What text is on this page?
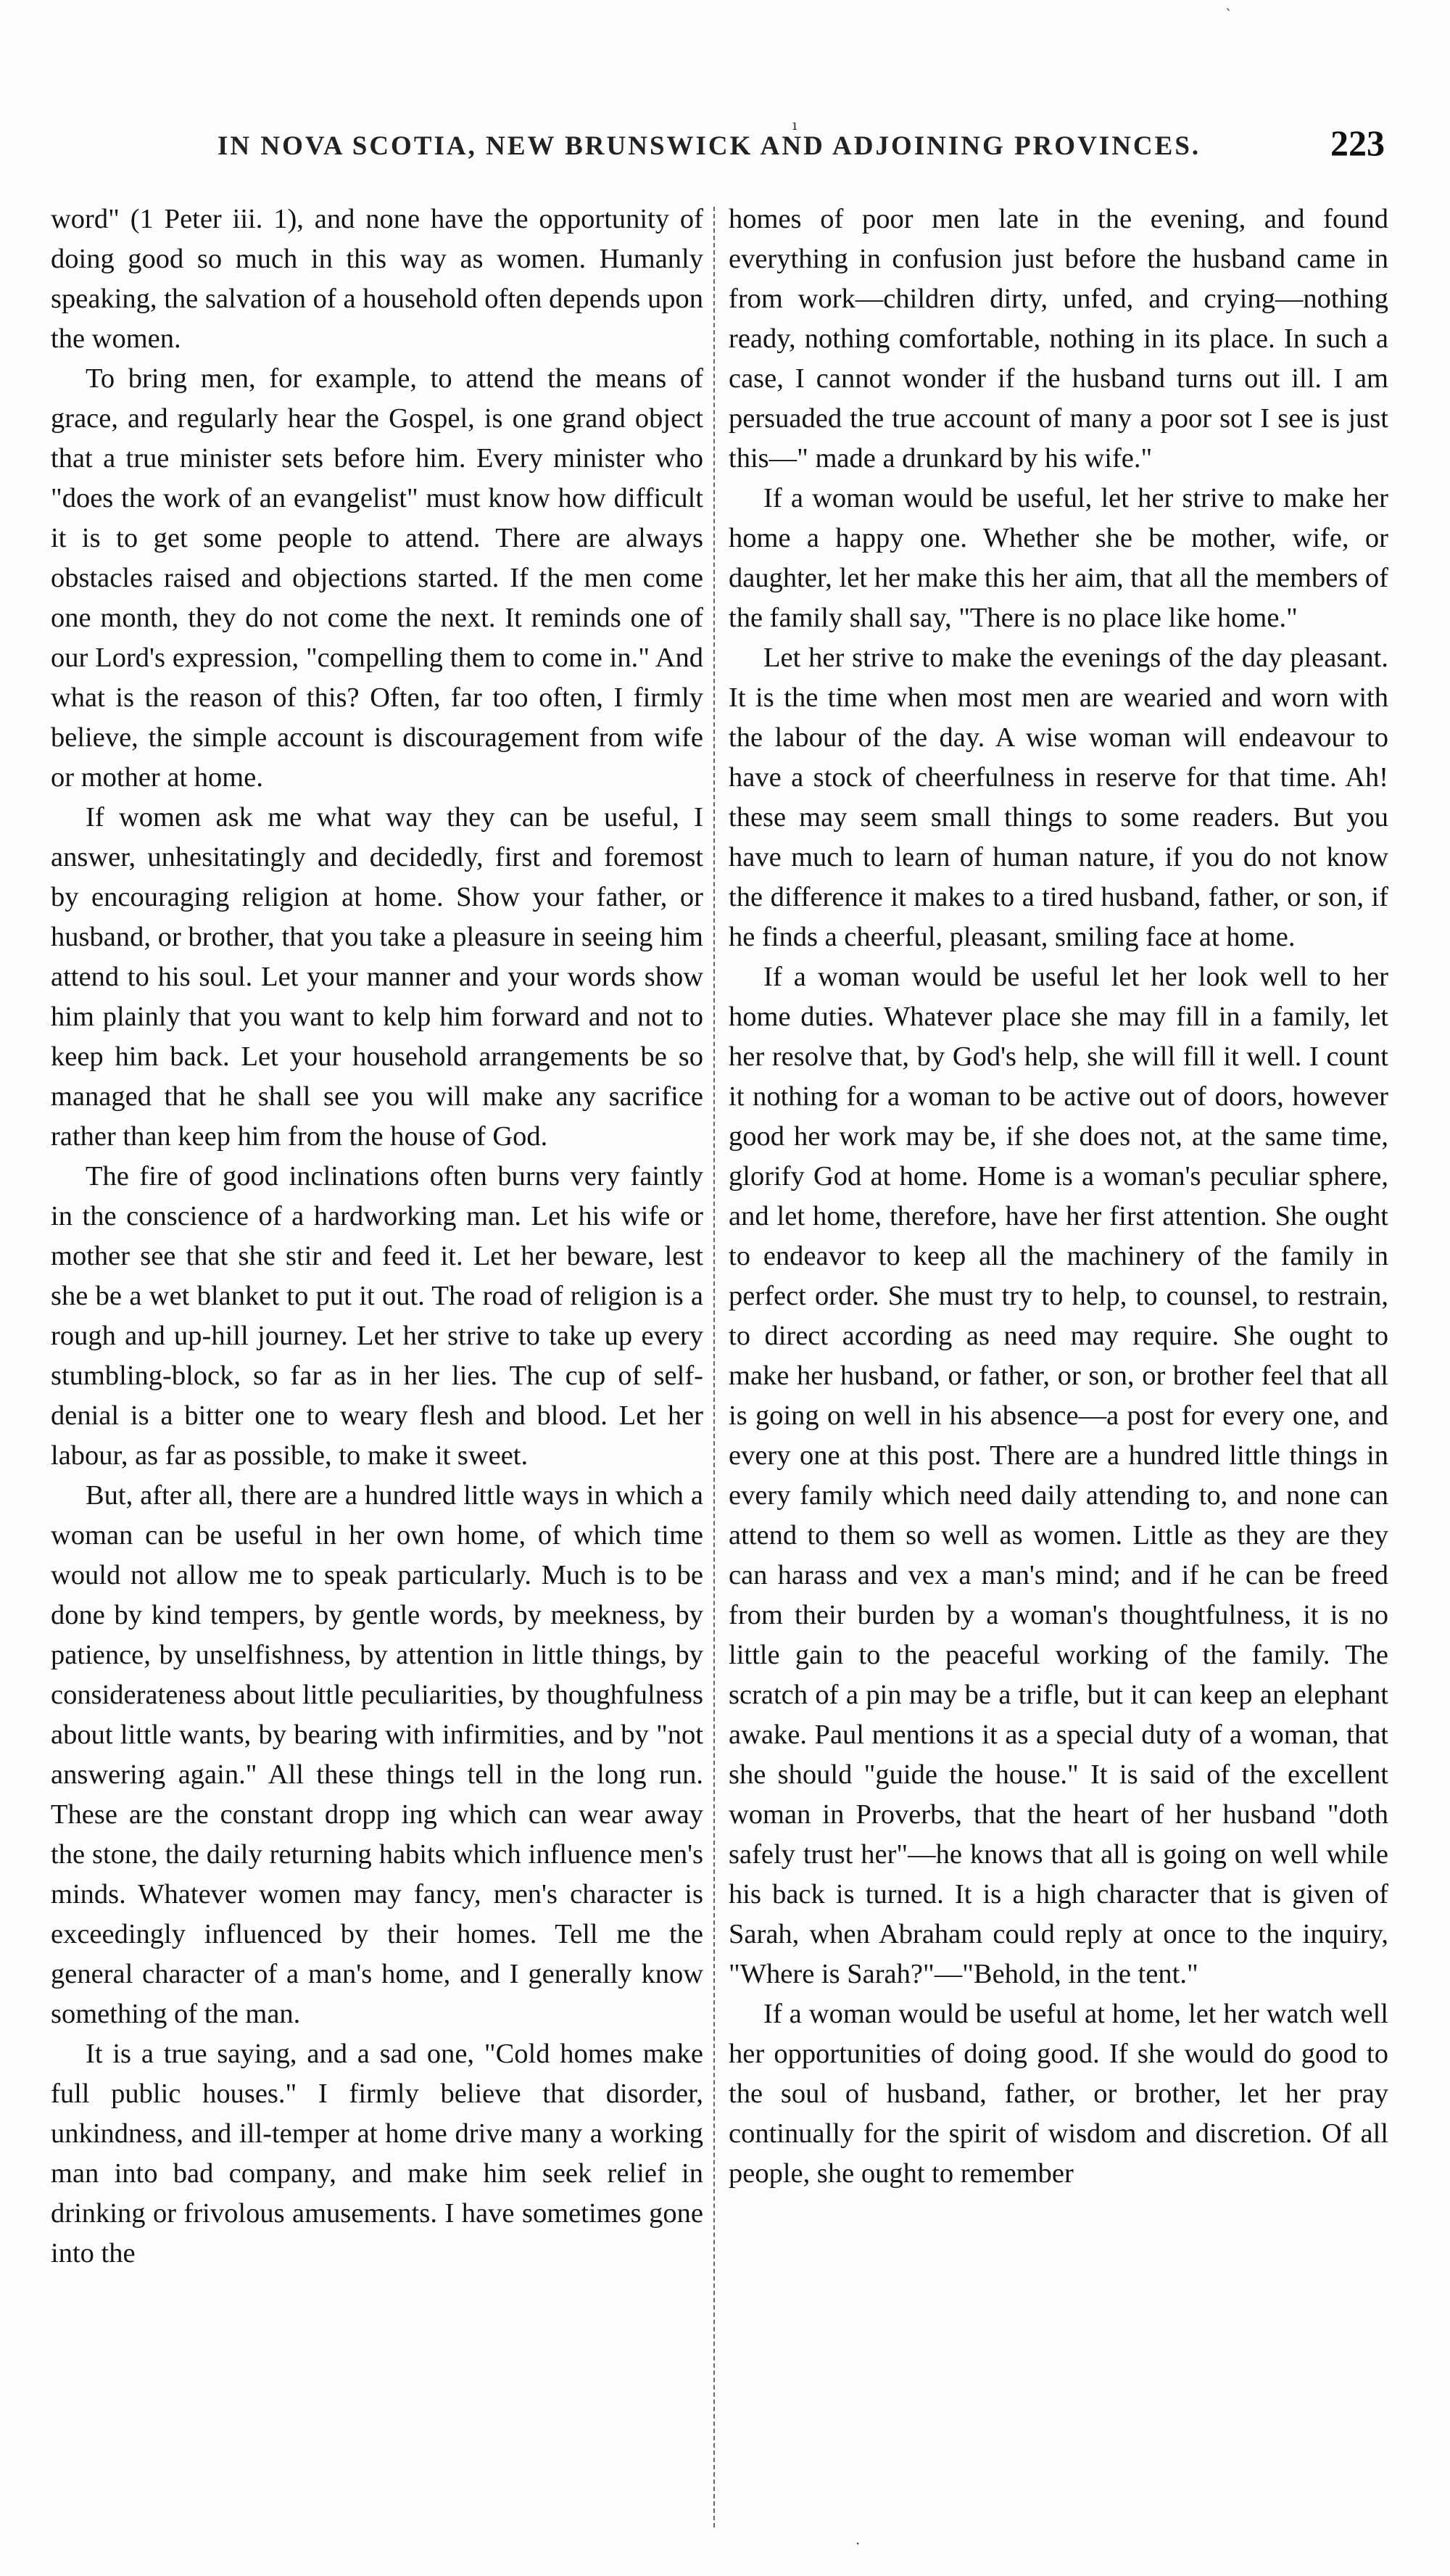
IN NOVA SCOTIA, NEW BRUNSWICK AND ADJOINING PROVINCES.	223

word" (1 Peter iii. 1), and none have the opportunity of doing good so much in this way as women. Humanly speaking, the salvation of a household often depends upon the women.

To bring men, for example, to attend the means of grace, and regularly hear the Gospel, is one grand object that a true minister sets before him. Every minister who "does the work of an evangelist" must know how difficult it is to get some people to attend. There are always obstacles raised and objections started. If the men come one month, they do not come the next. It reminds one of our Lord's expression, "compelling them to come in." And what is the reason of this? Often, far too often, I firmly believe, the simple account is discouragement from wife or mother at home.

If women ask me what way they can be useful, I answer, unhesitatingly and decidedly, first and foremost by encouraging religion at home. Show your father, or husband, or brother, that you take a pleasure in seeing him attend to his soul. Let your manner and your words show him plainly that you want to kelp him forward and not to keep him back. Let your household arrangements be so managed that he shall see you will make any sacrifice rather than keep him from the house of God.

The fire of good inclinations often burns very faintly in the conscience of a hardworking man. Let his wife or mother see that she stir and feed it. Let her beware, lest she be a wet blanket to put it out. The road of religion is a rough and up-hill journey. Let her strive to take up every stumbling-block, so far as in her lies. The cup of self-denial is a bitter one to weary flesh and blood. Let her labour, as far as possible, to make it sweet.

But, after all, there are a hundred little ways in which a woman can be useful in her own home, of which time would not allow me to speak particularly. Much is to be done by kind tempers, by gentle words, by meekness, by patience, by unselfishness, by attention in little things, by considerateness about little peculiarities, by thoughfulness about little wants, by bearing with infirmities, and by "not answering again." All these things tell in the long run. These are the constant dropp ing which can wear away the stone, the daily returning habits which influence men's minds. Whatever women may fancy, men's character is exceedingly influenced by their homes. Tell me the general character of a man's home, and I generally know something of the man.

It is a true saying, and a sad one, "Cold homes make full public houses." I firmly believe that disorder, unkindness, and ill-temper at home drive many a working man into bad company, and make him seek relief in drinking or frivolous amusements. I have sometimes gone into the

homes of poor men late in the evening, and found everything in confusion just before the husband came in from work—children dirty, unfed, and crying—nothing ready, nothing comfortable, nothing in its place. In such a case, I cannot wonder if the husband turns out ill. I am persuaded the true account of many a poor sot I see is just this—" made a drunkard by his wife."

If a woman would be useful, let her strive to make her home a happy one. Whether she be mother, wife, or daughter, let her make this her aim, that all the members of the family shall say, "There is no place like home."

Let her strive to make the evenings of the day pleasant. It is the time when most men are wearied and worn with the labour of the day. A wise woman will endeavour to have a stock of cheerfulness in reserve for that time. Ah! these may seem small things to some readers. But you have much to learn of human nature, if you do not know the difference it makes to a tired husband, father, or son, if he finds a cheerful, pleasant, smiling face at home.

If a woman would be useful let her look well to her home duties. Whatever place she may fill in a family, let her resolve that, by God's help, she will fill it well. I count it nothing for a woman to be active out of doors, however good her work may be, if she does not, at the same time, glorify God at home. Home is a woman's peculiar sphere, and let home, therefore, have her first attention. She ought to endeavor to keep all the machinery of the family in perfect order. She must try to help, to counsel, to restrain, to direct according as need may require. She ought to make her husband, or father, or son, or brother feel that all is going on well in his absence—a post for every one, and every one at this post. There are a hundred little things in every family which need daily attending to, and none can attend to them so well as women. Little as they are they can harass and vex a man's mind; and if he can be freed from their burden by a woman's thoughtfulness, it is no little gain to the peaceful working of the family. The scratch of a pin may be a trifle, but it can keep an elephant awake. Paul mentions it as a special duty of a woman, that she should "guide the house." It is said of the excellent woman in Proverbs, that the heart of her husband "doth safely trust her"—he knows that all is going on well while his back is turned. It is a high character that is given of Sarah, when Abraham could reply at once to the inquiry, "Where is Sarah?"—"Behold, in the tent."

If a woman would be useful at home, let her watch well her opportunities of doing good. If she would do good to the soul of husband, father, or brother, let her pray continually for the spirit of wisdom and discretion. Of all people, she ought to remember

ı
·
ˋ
